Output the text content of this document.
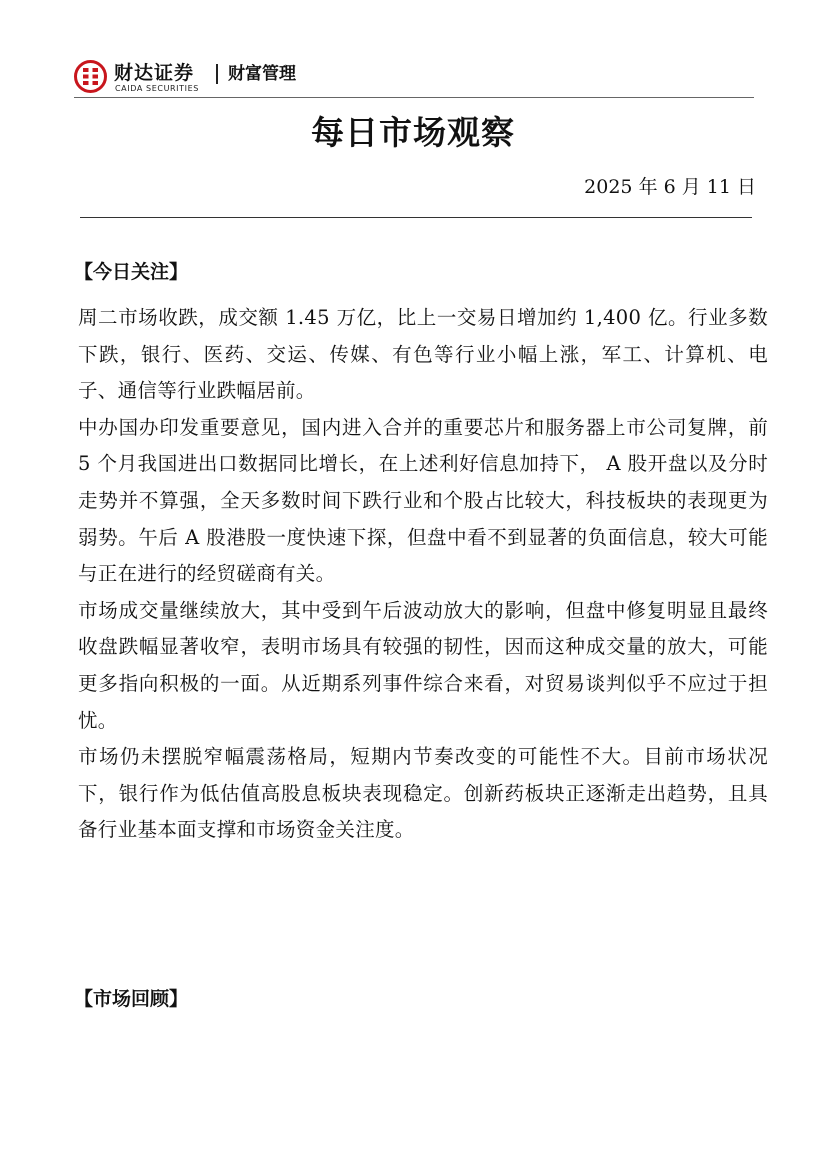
财达证券
CAIDA SECURITIES
财富管理
每日市场观察
2025 年 6 月 11 日
【今日关注】

周二市场收跌，成交额 1.45 万亿，比上一交易日增加约 1,400 亿。行业多数下跌，银行、医药、交运、传媒、有色等行业小幅上涨，军工、计算机、电子、通信等行业跌幅居前。

中办国办印发重要意见，国内进入合并的重要芯片和服务器上市公司复牌，前 5 个月我国进出口数据同比增长，在上述利好信息加持下， A 股开盘以及分时走势并不算强，全天多数时间下跌行业和个股占比较大，科技板块的表现更为弱势。午后 A 股港股一度快速下探，但盘中看不到显著的负面信息，较大可能与正在进行的经贸磋商有关。

市场成交量继续放大，其中受到午后波动放大的影响，但盘中修复明显且最终收盘跌幅显著收窄，表明市场具有较强的韧性，因而这种成交量的放大，可能更多指向积极的一面。从近期系列事件综合来看，对贸易谈判似乎不应过于担忧。

市场仍未摆脱窄幅震荡格局，短期内节奏改变的可能性不大。目前市场状况下，银行作为低估值高股息板块表现稳定。创新药板块正逐渐走出趋势，且具备行业基本面支撑和市场资金关注度。

【市场回顾】
